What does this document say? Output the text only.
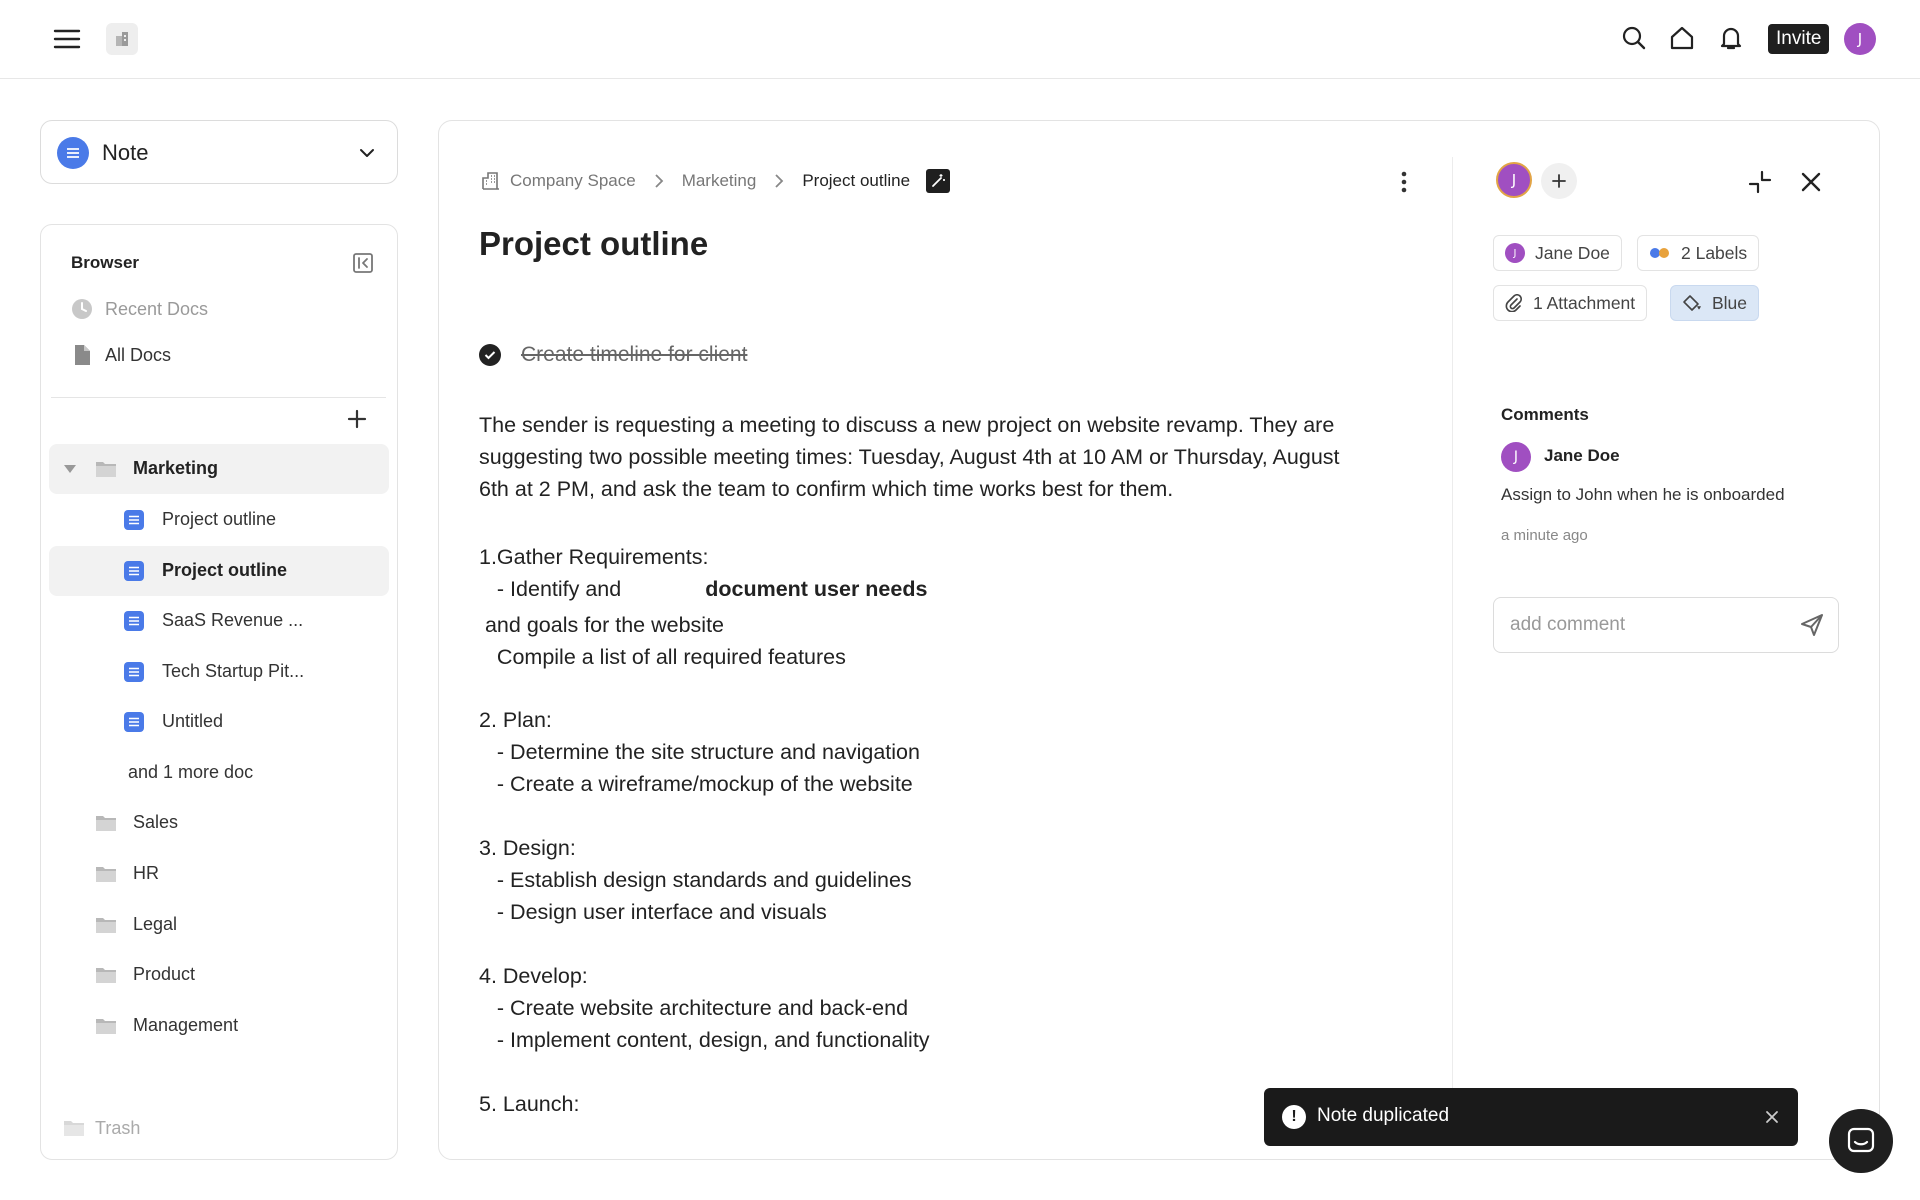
Invite	J
Note
Browser
Recent Docs
All Docs
Marketing
Project outline
Project outline
SaaS Revenue ...
Tech Startup Pit...
Untitled
and 1 more doc
Sales
HR
Legal
Product
Management
Trash
Company Space	Marketing	Project outline
Project outline
Create timeline for client
The sender is requesting a meeting to discuss a new project on website revamp. They are
suggesting two possible meeting times: Tuesday, August 4th at 10 AM or Thursday, August
6th at 2 PM, and ask the team to confirm which time works best for them.
1.Gather Requirements:
- Identify and	document user needs
and goals for the website
Compile a list of all required features
2. Plan:
- Determine the site structure and navigation
- Create a wireframe/mockup of the website
3. Design:
- Establish design standards and guidelines
- Design user interface and visuals
4. Develop:
- Create website architecture and back-end
- Implement content, design, and functionality
5. Launch:
J
J	Jane Doe	2 Labels
1 Attachment	Blue
Comments
J	Jane Doe
Assign to John when he is onboarded
a minute ago
add comment
!	Note duplicated
